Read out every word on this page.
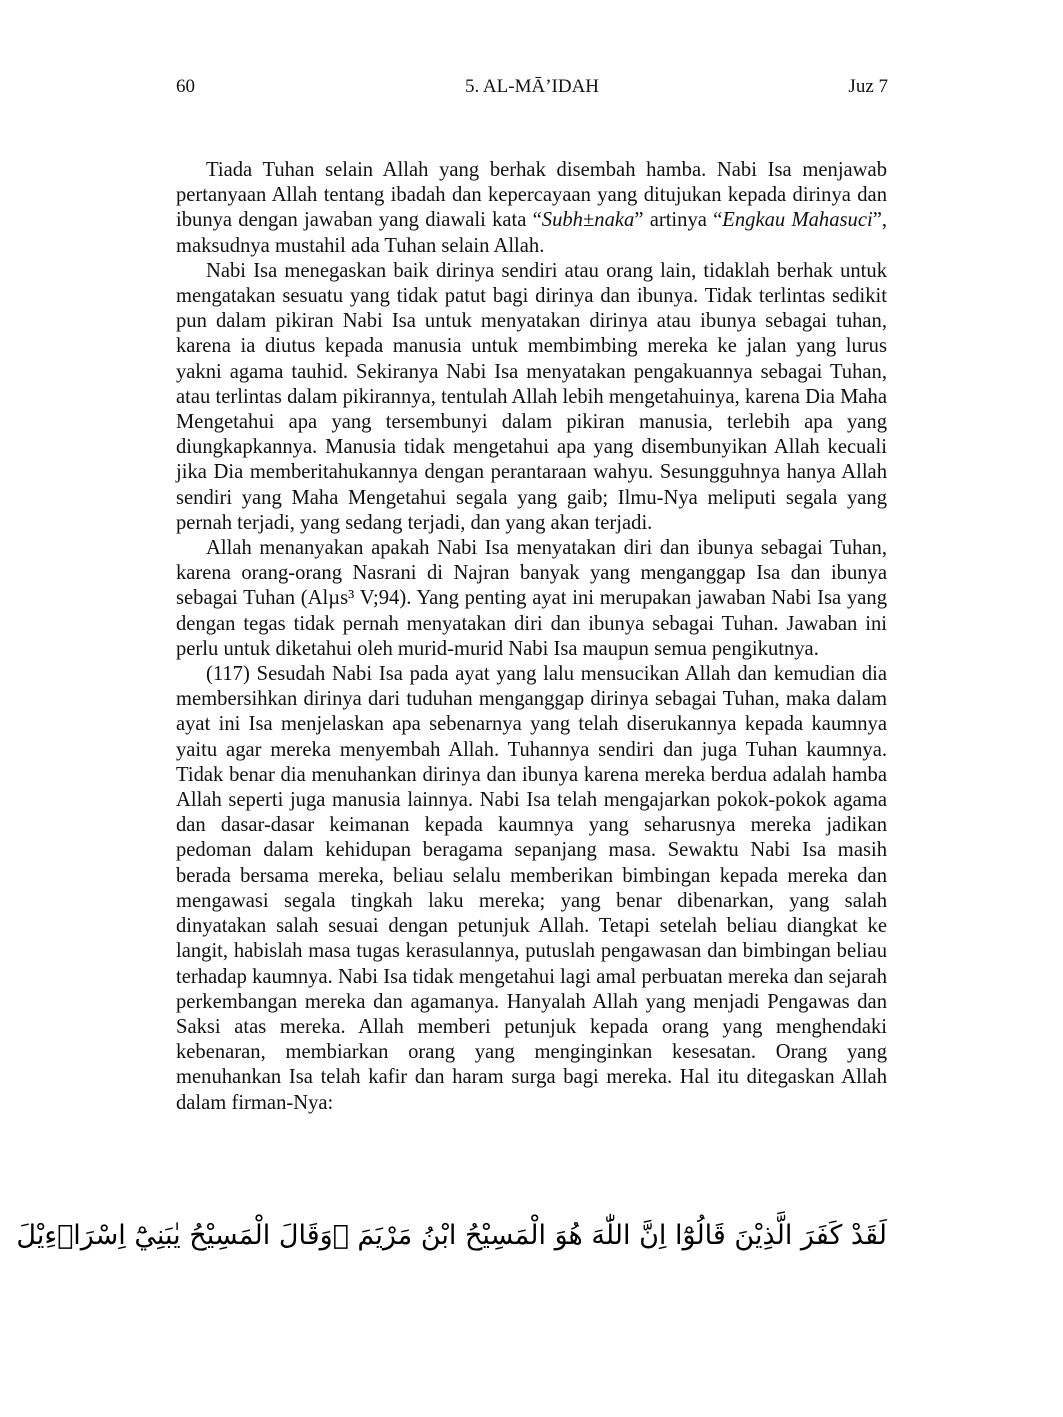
60	5. AL-MĀ’IDAH	Juz 7

Tiada Tuhan selain Allah yang berhak disembah hamba. Nabi Isa menjawab pertanyaan Allah tentang ibadah dan kepercayaan yang ditujukan kepada dirinya dan ibunya dengan jawaban yang diawali kata “Subh±naka” artinya “Engkau Mahasuci”, maksudnya mustahil ada Tuhan selain Allah.

Nabi Isa menegaskan baik dirinya sendiri atau orang lain, tidaklah berhak untuk mengatakan sesuatu yang tidak patut bagi dirinya dan ibunya. Tidak terlintas sedikit pun dalam pikiran Nabi Isa untuk menyatakan dirinya atau ibunya sebagai tuhan, karena ia diutus kepada manusia untuk membimbing mereka ke jalan yang lurus yakni agama tauhid. Sekiranya Nabi Isa menyatakan pengakuannya sebagai Tuhan, atau terlintas dalam pikirannya, tentulah Allah lebih mengetahuinya, karena Dia Maha Mengetahui apa yang tersembunyi dalam pikiran manusia, terlebih apa yang diungkapkannya. Manusia tidak mengetahui apa yang disembunyikan Allah kecuali jika Dia memberitahukannya dengan perantaraan wahyu. Sesungguhnya hanya Allah sendiri yang Maha Mengetahui segala yang gaib; Ilmu-Nya meliputi segala yang pernah terjadi, yang sedang terjadi, dan yang akan terjadi.

Allah menanyakan apakah Nabi Isa menyatakan diri dan ibunya sebagai Tuhan, karena orang-orang Nasrani di Najran banyak yang menganggap Isa dan ibunya sebagai Tuhan (Alµs³ V;94). Yang penting ayat ini merupakan jawaban Nabi Isa yang dengan tegas tidak pernah menyatakan diri dan ibunya sebagai Tuhan. Jawaban ini perlu untuk diketahui oleh murid-murid Nabi Isa maupun semua pengikutnya.

(117) Sesudah Nabi Isa pada ayat yang lalu mensucikan Allah dan kemudian dia membersihkan dirinya dari tuduhan menganggap dirinya sebagai Tuhan, maka dalam ayat ini Isa menjelaskan apa sebenarnya yang telah diserukannya kepada kaumnya yaitu agar mereka menyembah Allah. Tuhannya sendiri dan juga Tuhan kaumnya. Tidak benar dia menuhankan dirinya dan ibunya karena mereka berdua adalah hamba Allah seperti juga manusia lainnya. Nabi Isa telah mengajarkan pokok-pokok agama dan dasar-dasar keimanan kepada kaumnya yang seharusnya mereka jadikan pedoman dalam kehidupan beragama sepanjang masa. Sewaktu Nabi Isa masih berada bersama mereka, beliau selalu memberikan bimbingan kepada mereka dan mengawasi segala tingkah laku mereka; yang benar dibenarkan, yang salah dinyatakan salah sesuai dengan petunjuk Allah. Tetapi setelah beliau diangkat ke langit, habislah masa tugas kerasulannya, putuslah pengawasan dan bimbingan beliau terhadap kaumnya. Nabi Isa tidak mengetahui lagi amal perbuatan mereka dan sejarah perkembangan mereka dan agamanya. Hanyalah Allah yang menjadi Pengawas dan Saksi atas mereka. Allah memberi petunjuk kepada orang yang menghendaki kebenaran, membiarkan orang yang menginginkan kesesatan. Orang yang menuhankan Isa telah kafir dan haram surga bagi mereka. Hal itu ditegaskan Allah dalam firman-Nya:

لَقَدْ كَفَرَ الَّذِيْنَ قَالُوْٓا اِنَّ اللّٰهَ هُوَ الْمَسِيْحُ ابْنُ مَرْيَمَ ۗوَقَالَ الْمَسِيْحُ يٰبَنِيْٓ اِسْرَاۤءِيْلَ
